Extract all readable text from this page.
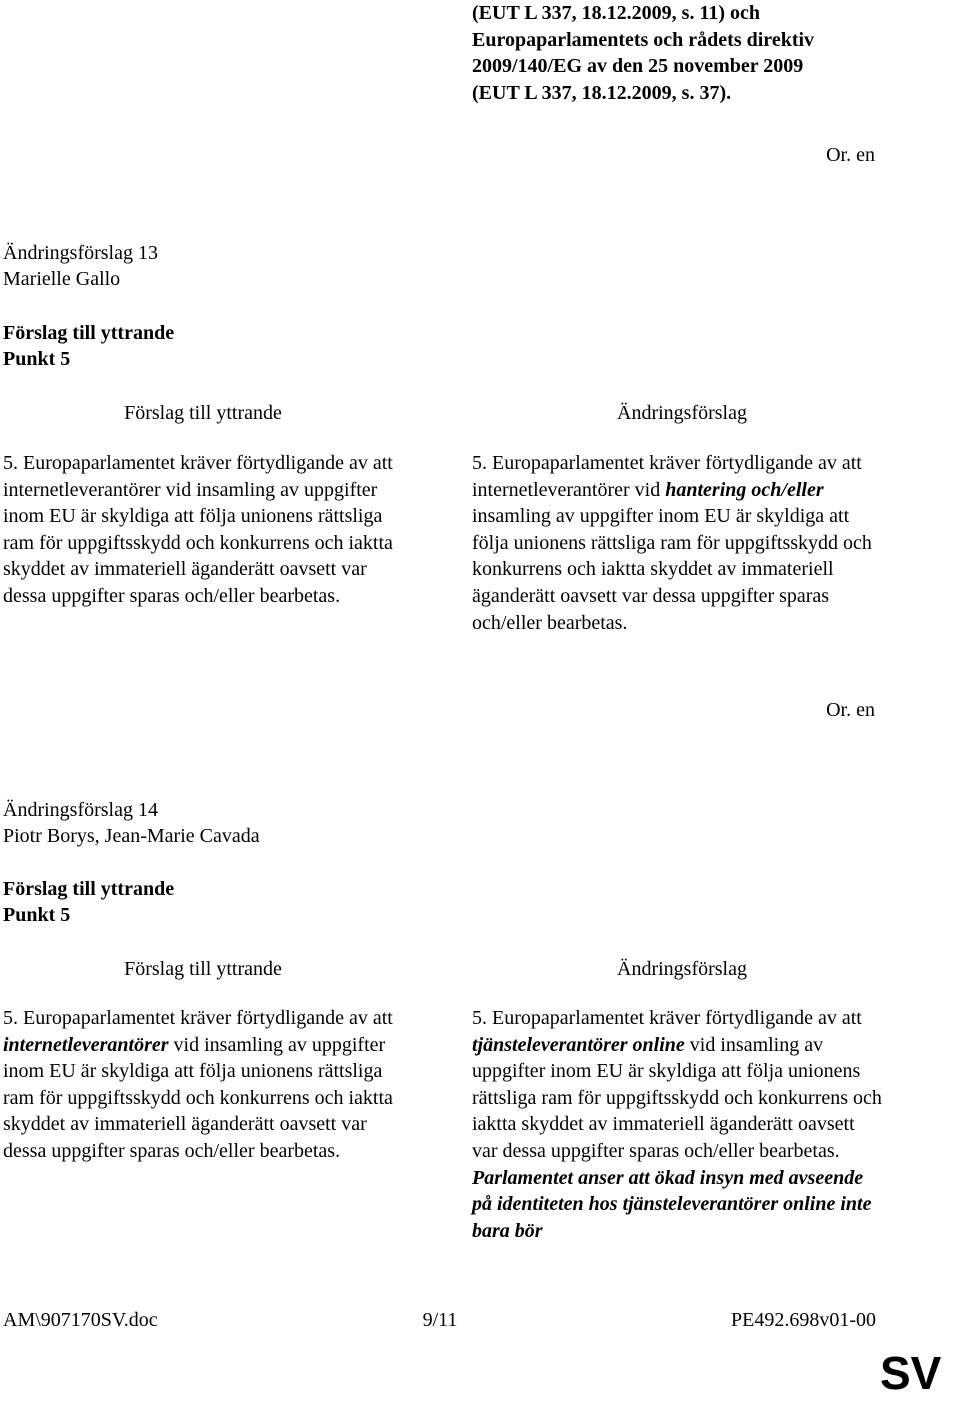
(EUT L 337, 18.12.2009, s. 11) och
Europaparlamentets och rådets direktiv
2009/140/EG av den 25 november 2009
(EUT L 337, 18.12.2009, s. 37).
Or. en
Ändringsförslag 13
Marielle Gallo
Förslag till yttrande
Punkt 5
Förslag till yttrande	Ändringsförslag
5. Europaparlamentet kräver förtydligande av att internetleverantörer vid insamling av uppgifter inom EU är skyldiga att följa unionens rättsliga ram för uppgiftsskydd och konkurrens och iaktta skyddet av immateriell äganderätt oavsett var dessa uppgifter sparas och/eller bearbetas.
5. Europaparlamentet kräver förtydligande av att internetleverantörer vid hantering och/eller insamling av uppgifter inom EU är skyldiga att följa unionens rättsliga ram för uppgiftsskydd och konkurrens och iaktta skyddet av immateriell äganderätt oavsett var dessa uppgifter sparas och/eller bearbetas.
Or. en
Ändringsförslag 14
Piotr Borys, Jean-Marie Cavada
Förslag till yttrande
Punkt 5
Förslag till yttrande	Ändringsförslag
5. Europaparlamentet kräver förtydligande av att internetleverantörer vid insamling av uppgifter inom EU är skyldiga att följa unionens rättsliga ram för uppgiftsskydd och konkurrens och iaktta skyddet av immateriell äganderätt oavsett var dessa uppgifter sparas och/eller bearbetas.
5. Europaparlamentet kräver förtydligande av att tjänsteleverantörer online vid insamling av uppgifter inom EU är skyldiga att följa unionens rättsliga ram för uppgiftsskydd och konkurrens och iaktta skyddet av immateriell äganderätt oavsett var dessa uppgifter sparas och/eller bearbetas. Parlamentet anser att ökad insyn med avseende på identiteten hos tjänsteleverantörer online inte bara bör
AM\907170SV.doc	9/11	PE492.698v01-00
SV
